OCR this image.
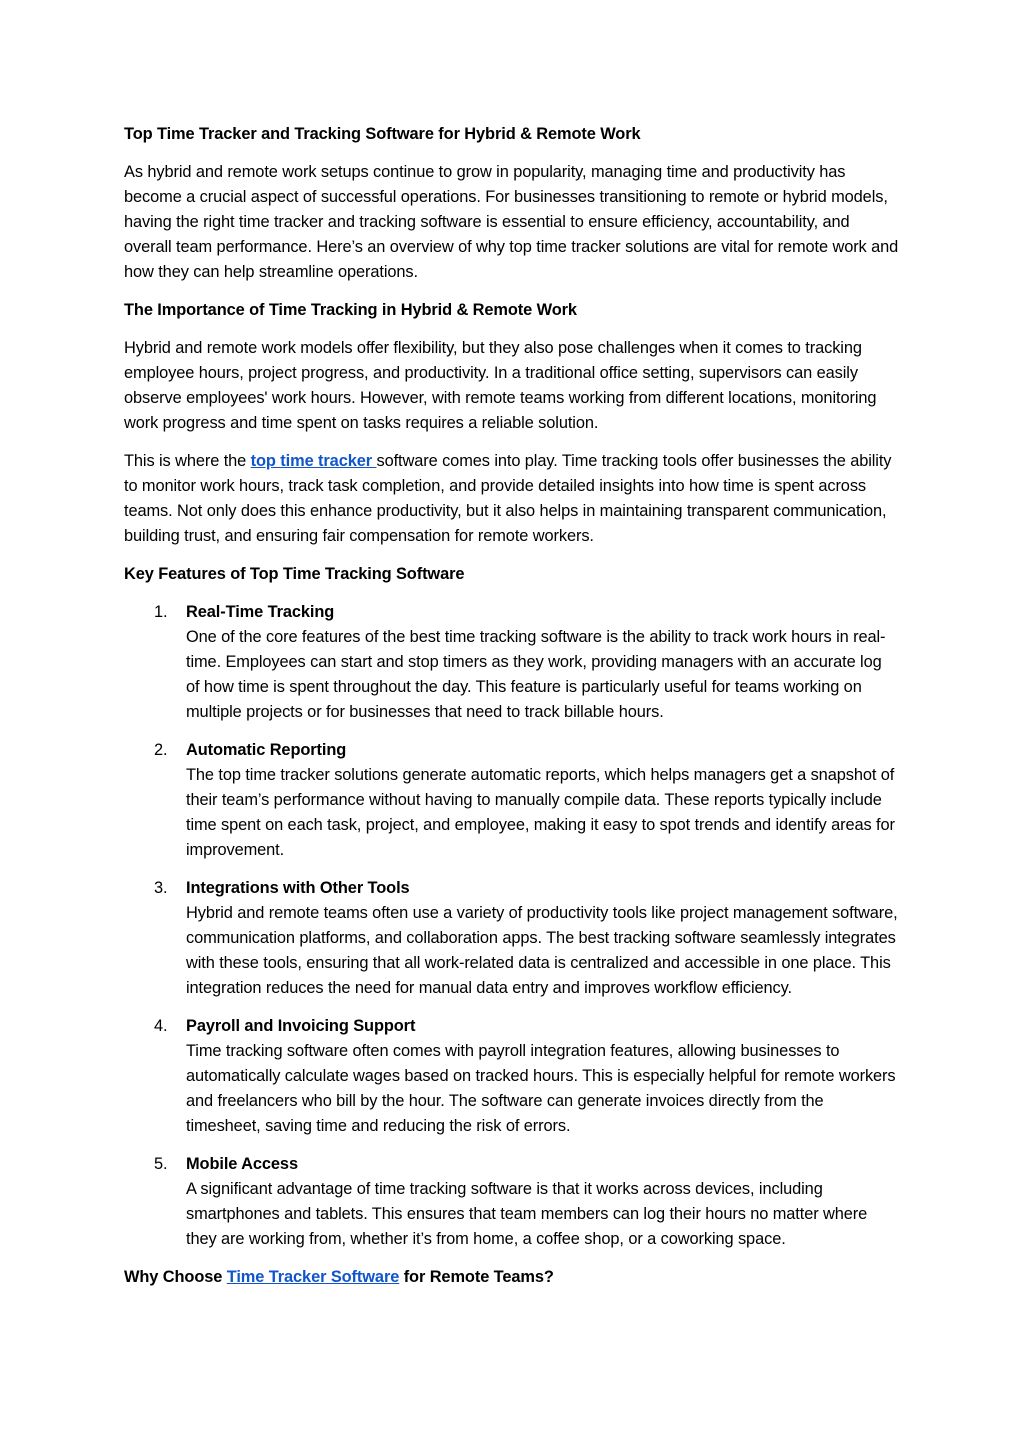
Top Time Tracker and Tracking Software for Hybrid & Remote Work

As hybrid and remote work setups continue to grow in popularity, managing time and productivity has become a crucial aspect of successful operations. For businesses transitioning to remote or hybrid models, having the right time tracker and tracking software is essential to ensure efficiency, accountability, and overall team performance. Here’s an overview of why top time tracker solutions are vital for remote work and how they can help streamline operations.

The Importance of Time Tracking in Hybrid & Remote Work

Hybrid and remote work models offer flexibility, but they also pose challenges when it comes to tracking employee hours, project progress, and productivity. In a traditional office setting, supervisors can easily observe employees' work hours. However, with remote teams working from different locations, monitoring work progress and time spent on tasks requires a reliable solution.

This is where the top time tracker software comes into play. Time tracking tools offer businesses the ability to monitor work hours, track task completion, and provide detailed insights into how time is spent across teams. Not only does this enhance productivity, but it also helps in maintaining transparent communication, building trust, and ensuring fair compensation for remote workers.

Key Features of Top Time Tracking Software

1. Real-Time Tracking
One of the core features of the best time tracking software is the ability to track work hours in real-time. Employees can start and stop timers as they work, providing managers with an accurate log of how time is spent throughout the day. This feature is particularly useful for teams working on multiple projects or for businesses that need to track billable hours.
2. Automatic Reporting
The top time tracker solutions generate automatic reports, which helps managers get a snapshot of their team’s performance without having to manually compile data. These reports typically include time spent on each task, project, and employee, making it easy to spot trends and identify areas for improvement.
3. Integrations with Other Tools
Hybrid and remote teams often use a variety of productivity tools like project management software, communication platforms, and collaboration apps. The best tracking software seamlessly integrates with these tools, ensuring that all work-related data is centralized and accessible in one place. This integration reduces the need for manual data entry and improves workflow efficiency.
4. Payroll and Invoicing Support
Time tracking software often comes with payroll integration features, allowing businesses to automatically calculate wages based on tracked hours. This is especially helpful for remote workers and freelancers who bill by the hour. The software can generate invoices directly from the timesheet, saving time and reducing the risk of errors.
5. Mobile Access
A significant advantage of time tracking software is that it works across devices, including smartphones and tablets. This ensures that team members can log their hours no matter where they are working from, whether it’s from home, a coffee shop, or a coworking space.

Why Choose Time Tracker Software for Remote Teams?
